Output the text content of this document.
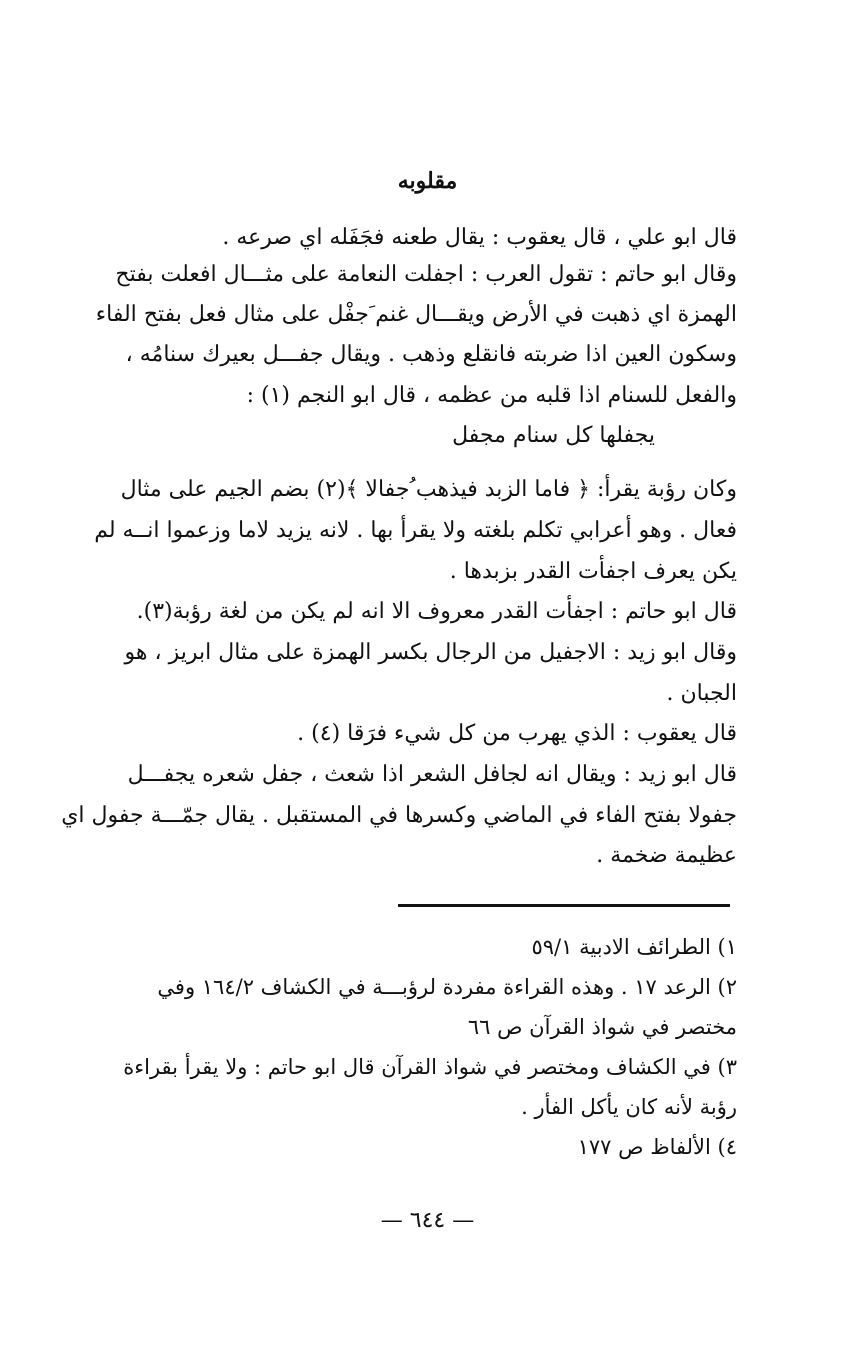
مقلوبه

قال ابو علي ، قال يعقوب : يقال طعنه فجَفَله اي صرعه .

وقال ابو حاتم : تقول العرب : اجفلت النعامة على مثـــال افعلت بفتح

الهمزة اي ذهبت في الأرض ويقـــال غنم َجفْل على مثال فعل بفتح الفاء

وسكون العين اذا ضربته فانقلع وذهب . ويقال جفـــل بعيرك سنامُه ،

والفعل للسنام اذا قلبه من عظمه ، قال ابو النجم (١) :

يجفلها كل سنام مجفل

وكان رؤبة يقرأ: ﴿ فاما الزبد فيذهب ُجفالا ﴾(٢) بضم الجيم على مثال

فعال . وهو أعرابي تكلم بلغته ولا يقرأ بها . لانه يزيد لاما وزعموا انــه لم

يكن يعرف اجفأت القدر بزبدها .

قال ابو حاتم : اجفأت القدر معروف الا انه لم يكن من لغة رؤبة(٣).

وقال ابو زيد : الاجفيل من الرجال بكسر الهمزة على مثال ابريز ، هو

الجبان .

قال يعقوب : الذي يهرب من كل شيء فرَقا (٤) .

قال ابو زيد : ويقال انه لجافل الشعر اذا شعث ، جفل شعره يجفـــل

جفولا بفتح الفاء في الماضي وكسرها في المستقبل . يقال جمّـــة جفول اي

عظيمة ضخمة .

١) الطرائف الادبية ٥٩/١

٢) الرعد ١٧ . وهذه القراءة مفردة لرؤبـــة في الكشاف ١٦٤/٢ وفي

مختصر في شواذ القرآن ص ٦٦

٣) في الكشاف ومختصر في شواذ القرآن قال ابو حاتم : ولا يقرأ بقراءة

رؤبة لأنه كان يأكل الفأر .

٤) الألفاظ ص ١٧٧

— ٦٤٤ —
